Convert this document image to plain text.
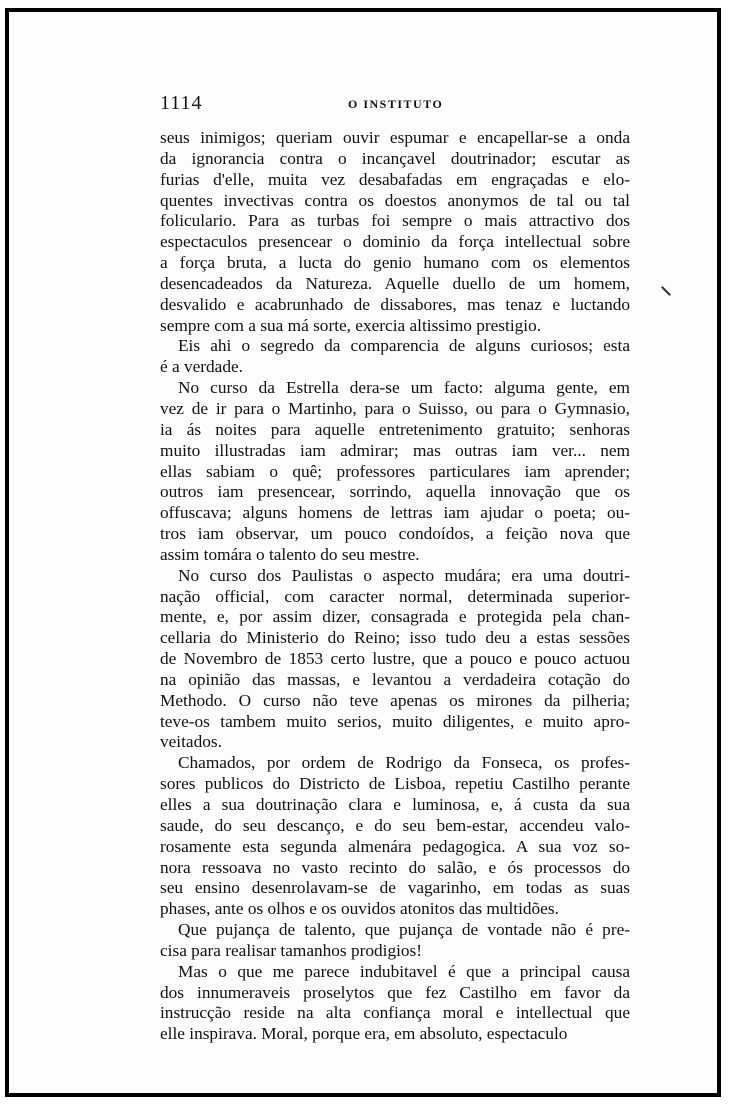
1114	O INSTITUTO
seus inimigos; queriam ouvir espumar e encapellar-se a onda
da ignorancia contra o incançavel doutrinador; escutar as
furias d'elle, muita vez desabafadas em engraçadas e elo-
quentes invectivas contra os doestos anonymos de tal ou tal
foliculario. Para as turbas foi sempre o mais attractivo dos
espectaculos presencear o dominio da força intellectual sobre
a força bruta, a lucta do genio humano com os elementos
desencadeados da Natureza. Aquelle duello de um homem,
desvalido e acabrunhado de dissabores, mas tenaz e luctando
sempre com a sua má sorte, exercia altissimo prestigio.
Eis ahi o segredo da comparencia de alguns curiosos; esta
é a verdade.
No curso da Estrella dera-se um facto: alguma gente, em
vez de ir para o Martinho, para o Suisso, ou para o Gymnasio,
ia ás noites para aquelle entretenimento gratuito; senhoras
muito illustradas iam admirar; mas outras iam ver... nem
ellas sabiam o quê; professores particulares iam aprender;
outros iam presencear, sorrindo, aquella innovação que os
offuscava; alguns homens de lettras iam ajudar o poeta; ou-
tros iam observar, um pouco condoídos, a feição nova que
assim tomára o talento do seu mestre.
No curso dos Paulistas o aspecto mudára; era uma doutri-
nação official, com caracter normal, determinada superior-
mente, e, por assim dizer, consagrada e protegida pela chan-
cellaria do Ministerio do Reino; isso tudo deu a estas sessões
de Novembro de 1853 certo lustre, que a pouco e pouco actuou
na opinião das massas, e levantou a verdadeira cotação do
Methodo. O curso não teve apenas os mirones da pilheria;
teve-os tambem muito serios, muito diligentes, e muito apro-
veitados.
Chamados, por ordem de Rodrigo da Fonseca, os profes-
sores publicos do Districto de Lisboa, repetiu Castilho perante
elles a sua doutrinação clara e luminosa, e, á custa da sua
saude, do seu descanço, e do seu bem-estar, accendeu valo-
rosamente esta segunda almenára pedagogica. A sua voz so-
nora ressoava no vasto recinto do salão, e ós processos do
seu ensino desenrolavam-se de vagarinho, em todas as suas
phases, ante os olhos e os ouvidos atonitos das multidões.
Que pujança de talento, que pujança de vontade não é pre-
cisa para realisar tamanhos prodigios!
Mas o que me parece indubitavel é que a principal causa
dos innumeraveis proselytos que fez Castilho em favor da
instrucção reside na alta confiança moral e intellectual que
elle inspirava. Moral, porque era, em absoluto, espectaculo
